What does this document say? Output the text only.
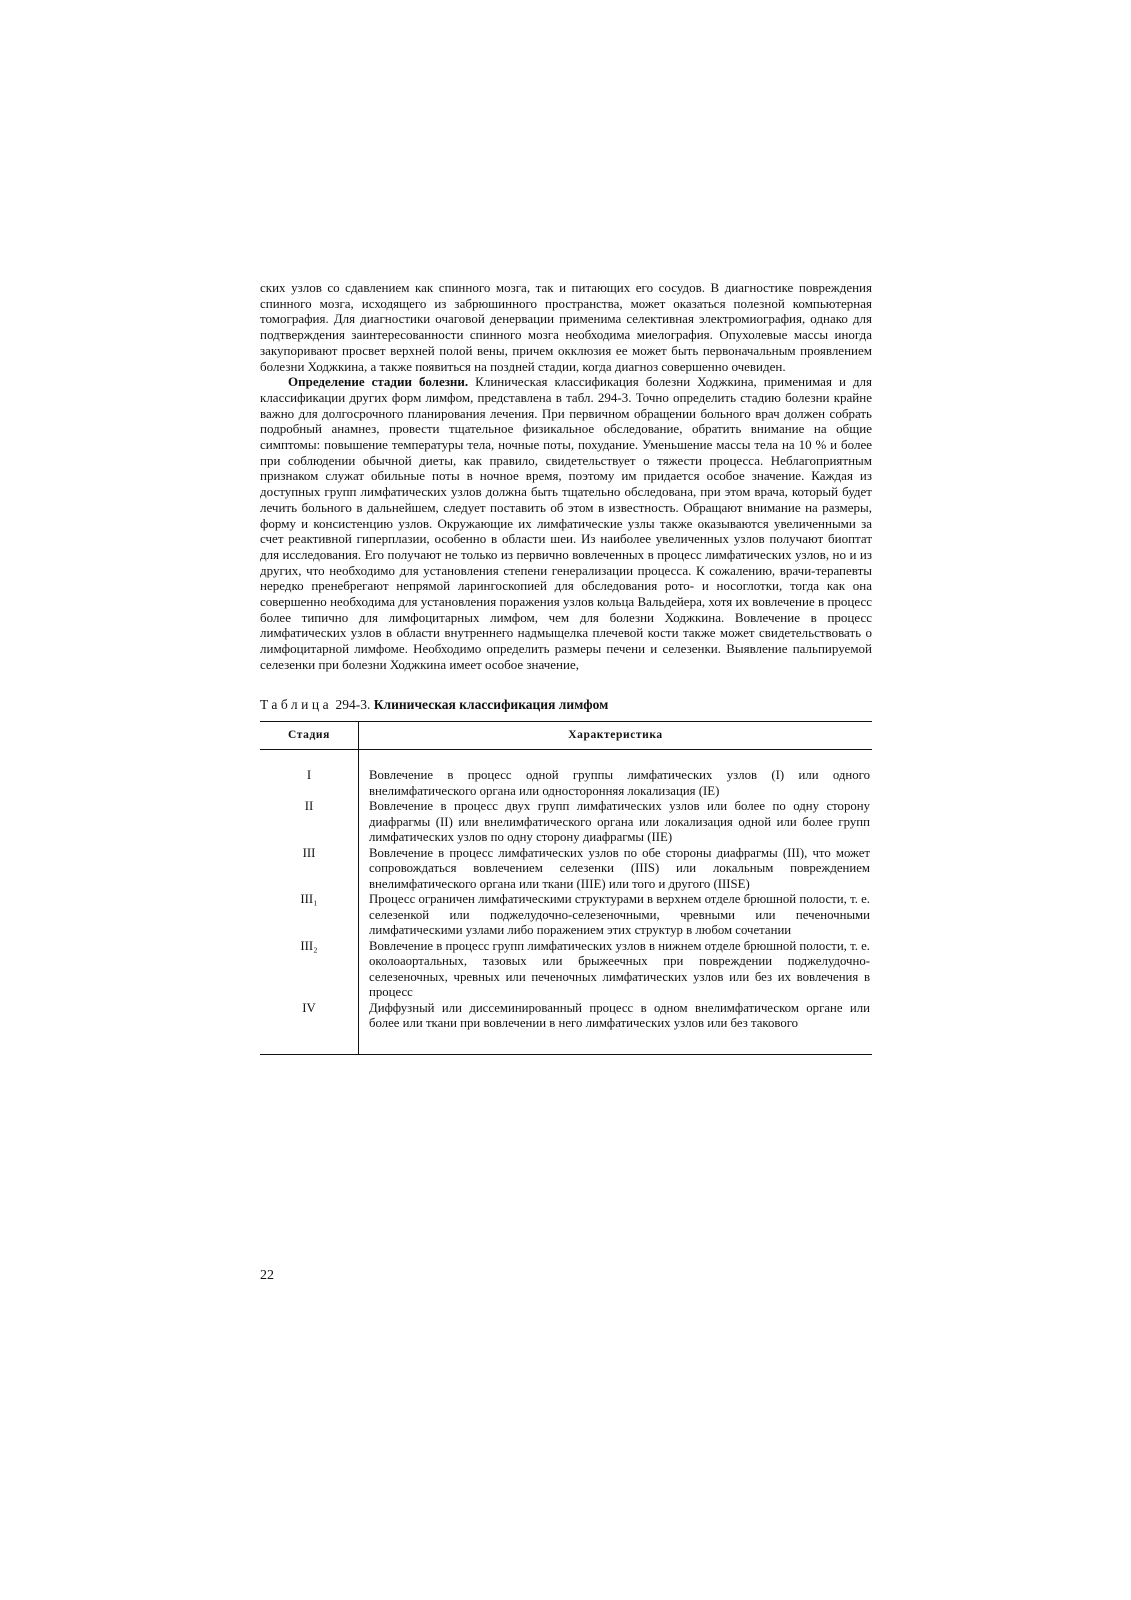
ских узлов со сдавлением как спинного мозга, так и питающих его сосудов. В диагностике повреждения спинного мозга, исходящего из забрюшинного пространства, может оказаться полезной компьютерная томография. Для диагностики очаговой денервации применима селективная электромиография, однако для подтверждения заинтересованности спинного мозга необходима миелография. Опухолевые массы иногда закупоривают просвет верхней полой вены, причем окклюзия ее может быть первоначальным проявлением болезни Ходжкина, а также появиться на поздней стадии, когда диагноз совершенно очевиден.

Определение стадии болезни. Клиническая классификация болезни Ходжкина, применимая и для классификации других форм лимфом, представлена в табл. 294-3. Точно определить стадию болезни крайне важно для долгосрочного планирования лечения. При первичном обращении больного врач должен собрать подробный анамнез, провести тщательное физикальное обследование, обратить внимание на общие симптомы: повышение температуры тела, ночные поты, похудание. Уменьшение массы тела на 10 % и более при соблюдении обычной диеты, как правило, свидетельствует о тяжести процесса. Неблагоприятным признаком служат обильные поты в ночное время, поэтому им придается особое значение. Каждая из доступных групп лимфатических узлов должна быть тщательно обследована, при этом врача, который будет лечить больного в дальнейшем, следует поставить об этом в известность. Обращают внимание на размеры, форму и консистенцию узлов. Окружающие их лимфатические узлы также оказываются увеличенными за счет реактивной гиперплазии, особенно в области шеи. Из наиболее увеличенных узлов получают биоптат для исследования. Его получают не только из первично вовлеченных в процесс лимфатических узлов, но и из других, что необходимо для установления степени генерализации процесса. К сожалению, врачи-терапевты нередко пренебрегают непрямой ларингоскопией для обследования рото- и носоглотки, тогда как она совершенно необходима для установления поражения узлов кольца Вальдейера, хотя их вовлечение в процесс более типично для лимфоцитарных лимфом, чем для болезни Ходжкина. Вовлечение в процесс лимфатических узлов в области внутреннего надмыщелка плечевой кости также может свидетельствовать о лимфоцитарной лимфоме. Необходимо определить размеры печени и селезенки. Выявление пальпируемой селезенки при болезни Ходжкина имеет особое значение,

Таблица 294-3. Клиническая классификация лимфом
Стадия	Характеристика
I	Вовлечение в процесс одной группы лимфатических узлов (I) или одного внелимфатического органа или односторонняя локализация (IE)
II	Вовлечение в процесс двух групп лимфатических узлов или более по одну сторону диафрагмы (II) или внелимфатического органа или локализация одной или более групп лимфатических узлов по одну сторону диафрагмы (IIE)
III	Вовлечение в процесс лимфатических узлов по обе стороны диафрагмы (III), что может сопровождаться вовлечением селезенки (IIIS) или локальным повреждением внелимфатического органа или ткани (IIIE) или того и другого (IIISE)
III₁	Процесс ограничен лимфатическими структурами в верхнем отделе брюшной полости, т. е. селезенкой или поджелудочно-селезеночными, чревными или печеночными лимфатическими узлами либо поражением этих структур в любом сочетании
III₂	Вовлечение в процесс групп лимфатических узлов в нижнем отделе брюшной полости, т. е. околоаортальных, тазовых или брыжеечных при повреждении поджелудочно-селезеночных, чревных или печеночных лимфатических узлов или без их вовлечения в процесс
IV	Диффузный или диссеминированный процесс в одном внелимфатическом органе или более или ткани при вовлечении в него лимфатических узлов или без такового
22
